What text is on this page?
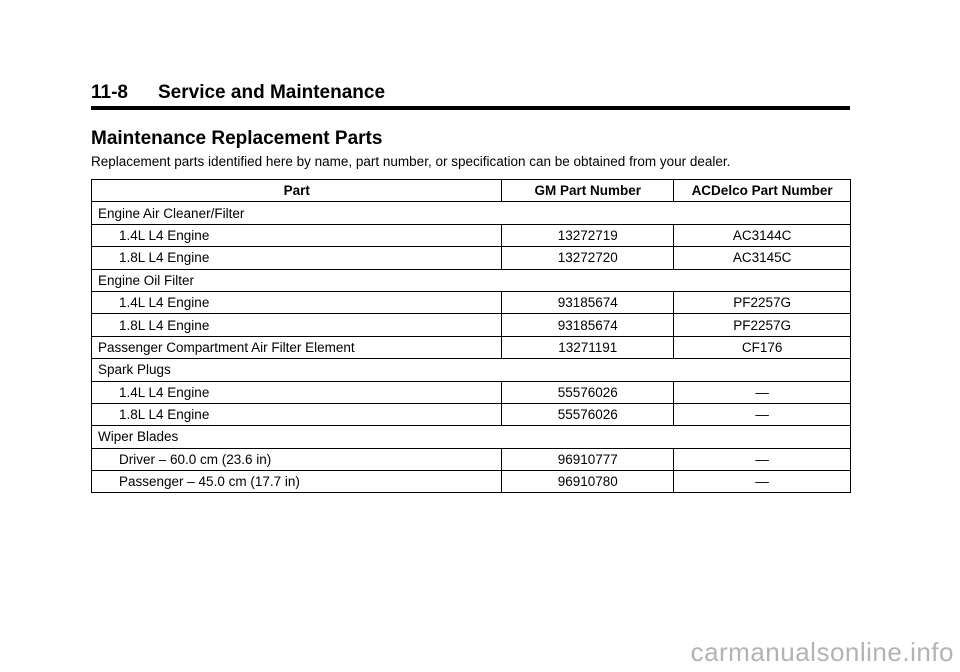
11-8 Service and Maintenance
Maintenance Replacement Parts
Replacement parts identified here by name, part number, or specification can be obtained from your dealer.
Part	GM Part Number	ACDelco Part Number
Engine Air Cleaner/Filter		
1.4L L4 Engine	13272719	AC3144C
1.8L L4 Engine	13272720	AC3145C
Engine Oil Filter		
1.4L L4 Engine	93185674	PF2257G
1.8L L4 Engine	93185674	PF2257G
Passenger Compartment Air Filter Element	13271191	CF176
Spark Plugs		
1.4L L4 Engine	55576026	—
1.8L L4 Engine	55576026	—
Wiper Blades		
Driver – 60.0 cm (23.6 in)	96910777	—
Passenger – 45.0 cm (17.7 in)	96910780	—
carmanualsonline.info
